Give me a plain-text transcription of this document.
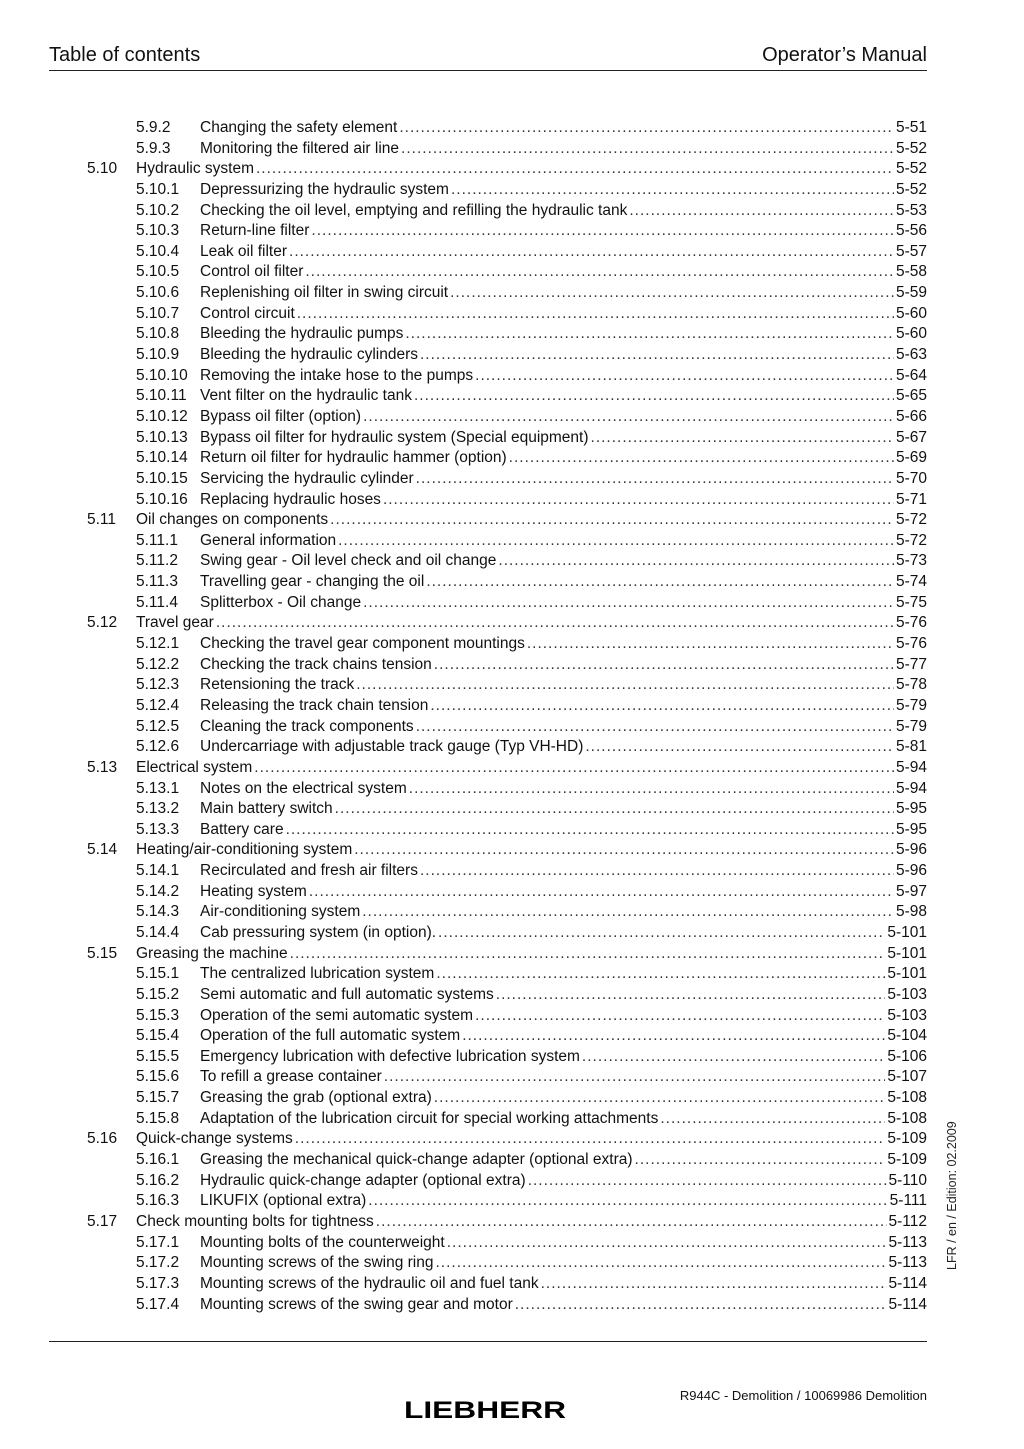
Table of contents	Operator’s Manual
5.9.2	Changing the safety element .....	5-51
5.9.3	Monitoring the filtered air line .....	5-52
5.10	Hydraulic system .....	5-52
5.10.1	Depressurizing the hydraulic system .....	5-52
5.10.2	Checking the oil level, emptying and refilling the hydraulic tank .....	5-53
5.10.3	Return-line filter .....	5-56
5.10.4	Leak oil filter .....	5-57
5.10.5	Control oil filter .....	5-58
5.10.6	Replenishing oil filter in swing circuit .....	5-59
5.10.7	Control circuit .....	5-60
5.10.8	Bleeding the hydraulic pumps .....	5-60
5.10.9	Bleeding the hydraulic cylinders .....	5-63
5.10.10 Removing the intake hose to the pumps .....	5-64
5.10.11 Vent filter on the hydraulic tank .....	5-65
5.10.12 Bypass oil filter (option) .....	5-66
5.10.13 Bypass oil filter for hydraulic system (Special equipment) .....	5-67
5.10.14 Return oil filter for hydraulic hammer (option) .....	5-69
5.10.15 Servicing the hydraulic cylinder .....	5-70
5.10.16 Replacing hydraulic hoses .....	5-71
5.11	Oil changes on components .....	5-72
5.11.1	General information .....	5-72
5.11.2	Swing gear - Oil level check and oil change .....	5-73
5.11.3	Travelling gear - changing the oil .....	5-74
5.11.4	Splitterbox - Oil change .....	5-75
5.12	Travel gear .....	5-76
5.12.1	Checking the travel gear component mountings .....	5-76
5.12.2	Checking the track chains tension .....	5-77
5.12.3	Retensioning the track .....	5-78
5.12.4	Releasing the track chain tension .....	5-79
5.12.5	Cleaning the track components .....	5-79
5.12.6	Undercarriage with adjustable track gauge (Typ VH-HD) .....	5-81
5.13	Electrical system .....	5-94
5.13.1	Notes on the electrical system .....	5-94
5.13.2	Main battery switch .....	5-95
5.13.3	Battery care .....	5-95
5.14	Heating/air-conditioning system .....	5-96
5.14.1	Recirculated and fresh air filters .....	5-96
5.14.2	Heating system .....	5-97
5.14.3	Air-conditioning system .....	5-98
5.14.4	Cab pressuring system (in option). .....	5-101
5.15	Greasing the machine .....	5-101
5.15.1	The centralized lubrication system .....	5-101
5.15.2	Semi automatic and full automatic systems .....	5-103
5.15.3	Operation of the semi automatic system .....	5-103
5.15.4	Operation of the full automatic system .....	5-104
5.15.5	Emergency lubrication with defective lubrication system .....	5-106
5.15.6	To refill a grease container .....	5-107
5.15.7	Greasing the grab (optional extra) .....	5-108
5.15.8	Adaptation of the lubrication circuit for special working attachments .....	5-108
5.16	Quick-change systems .....	5-109
5.16.1	Greasing the mechanical quick-change adapter (optional extra) .....	5-109
5.16.2	Hydraulic quick-change adapter (optional extra) .....	5-110
5.16.3	LIKUFIX (optional extra) .....	5-111
5.17	Check mounting bolts for tightness .....	5-112
5.17.1	Mounting bolts of the counterweight .....	5-113
5.17.2	Mounting screws of the swing ring .....	5-113
5.17.3	Mounting screws of the hydraulic oil and fuel tank .....	5-114
5.17.4	Mounting screws of the swing gear and motor .....	5-114
LFR / en / Edition: 02.2009
LIEBHERR
R944C - Demolition / 10069986 Demolition
